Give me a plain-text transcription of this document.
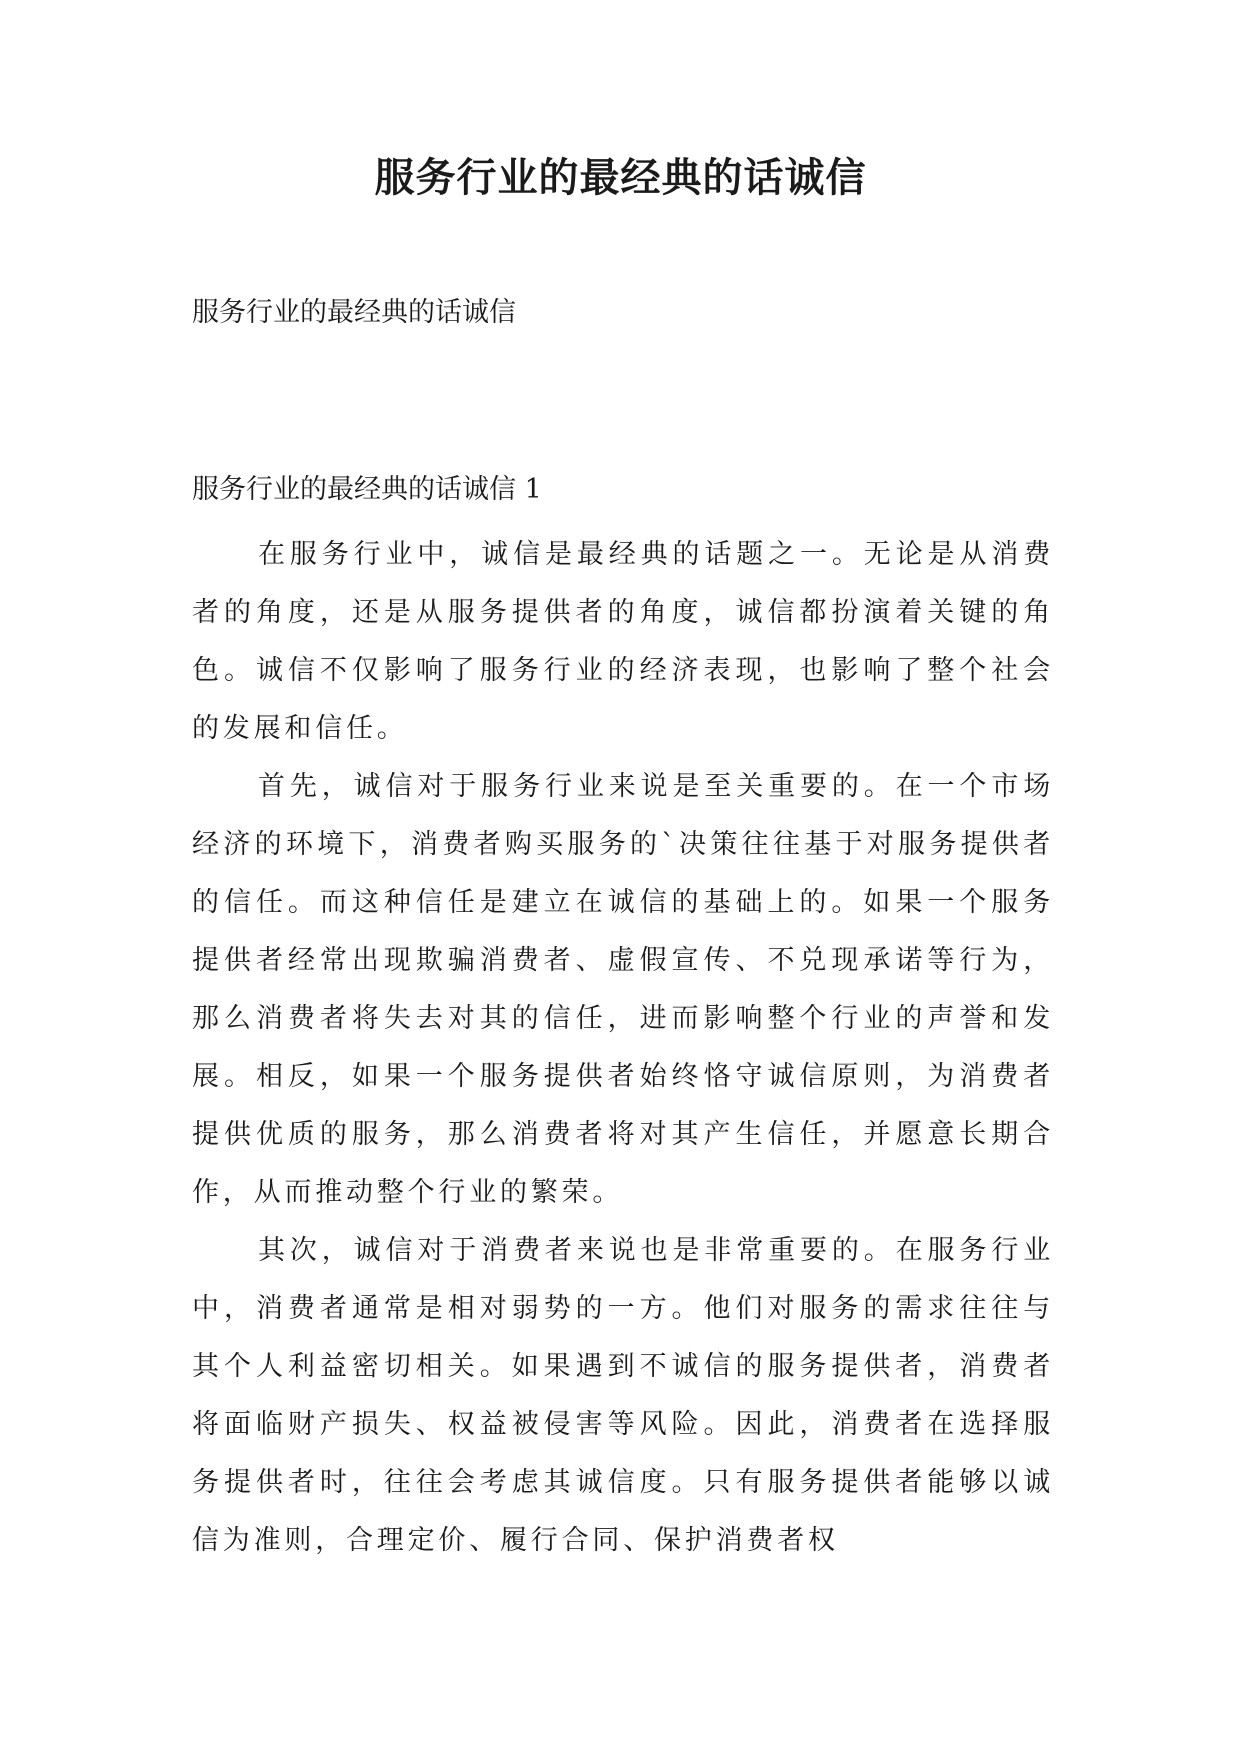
服务行业的最经典的话诚信

服务行业的最经典的话诚信

服务行业的最经典的话诚信 1

在服务行业中，诚信是最经典的话题之一。无论是从消费者的角度，还是从服务提供者的角度，诚信都扮演着关键的角色。诚信不仅影响了服务行业的经济表现，也影响了整个社会的发展和信任。

首先，诚信对于服务行业来说是至关重要的。在一个市场经济的环境下，消费者购买服务的`决策往往基于对服务提供者的信任。而这种信任是建立在诚信的基础上的。如果一个服务提供者经常出现欺骗消费者、虚假宣传、不兑现承诺等行为，那么消费者将失去对其的信任，进而影响整个行业的声誉和发展。相反，如果一个服务提供者始终恪守诚信原则，为消费者提供优质的服务，那么消费者将对其产生信任，并愿意长期合作，从而推动整个行业的繁荣。

其次，诚信对于消费者来说也是非常重要的。在服务行业中，消费者通常是相对弱势的一方。他们对服务的需求往往与其个人利益密切相关。如果遇到不诚信的服务提供者，消费者将面临财产损失、权益被侵害等风险。因此，消费者在选择服务提供者时，往往会考虑其诚信度。只有服务提供者能够以诚信为准则，合理定价、履行合同、保护消费者权
